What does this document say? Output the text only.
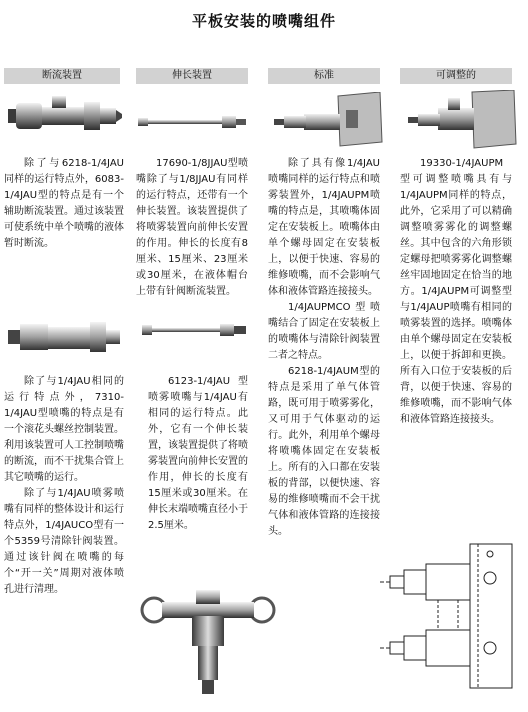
平板安装的喷嘴组件
断流装置	伸长装置	标准	可调整的

除了与6218-1/4JAU同样的运行特点外，6083-1/4JAU型的特点是有一个辅助断流装置。通过该装置可使系统中单个喷嘴的液体暂时断流。

除了与1/4JAU相同的运行特点外，7310-1/4JAU型喷嘴的特点是有一个滚花头螺丝控制装置。利用该装置可人工控制喷嘴的断流，而不干扰集合管上其它喷嘴的运行。

除了与1/4JAU喷雾喷嘴有同样的整体设计和运行特点外，1/4JAUCO型有一个5359号清除针阀装置。通过该针阀在喷嘴的每个“开一关”周期对液体喷孔进行清理。

17690-1/8JJAU型喷嘴除了与1/8JJAU有同样的运行特点，还带有一个伸长装置。该装置提供了将喷雾装置向前伸长安置的作用。伸长的长度有8厘米、15厘米、23厘米或30厘米，在液体帽台上带有针阀断流装置。

6123-1/4JAU型喷雾喷嘴与1/4JAU有相同的运行特点。此外，它有一个伸长装置，该装置提供了将喷雾装置向前伸长安置的作用，伸长的长度有15厘米或30厘米。在伸长末端喷嘴直径小于2.5厘米。

除了具有像1/4JAU喷嘴同样的运行特点和喷雾装置外，1/4JAUPM喷嘴的特点是，其喷嘴体固定在安装板上。喷嘴体由单个螺母固定在安装板上，以便于快速、容易的维修喷嘴，而不会影响气体和液体管路连接接头。

1/4JAUPMCO型喷嘴结合了固定在安装板上的喷嘴体与清除针阀装置二者之特点。

6218-1/4JAUM型的特点是采用了单气体管路，既可用于喷雾雾化，又可用于气体驱动的运行。此外，利用单个螺母将喷嘴体固定在安装板上。所有的入口都在安装板的背部，以便快速、容易的维修喷嘴而不会干扰气体和液体管路的连接接头。

19330-1/4JAUPM型可调整喷嘴具有与1/4JAUPM同样的特点，此外，它采用了可以精确调整喷雾雾化的调整螺丝。其中包含的六角形锁定螺母把喷雾雾化调整螺丝牢固地固定在恰当的地方。1/4JAUPM可调整型与1/4JAUP喷嘴有相同的喷雾装置的选择。喷嘴体由单个螺母固定在安装板上，以便于拆卸和更换。所有入口位于安装板的后背，以便于快速、容易的维修喷嘴，而不影响气体和液体管路连接接头。
